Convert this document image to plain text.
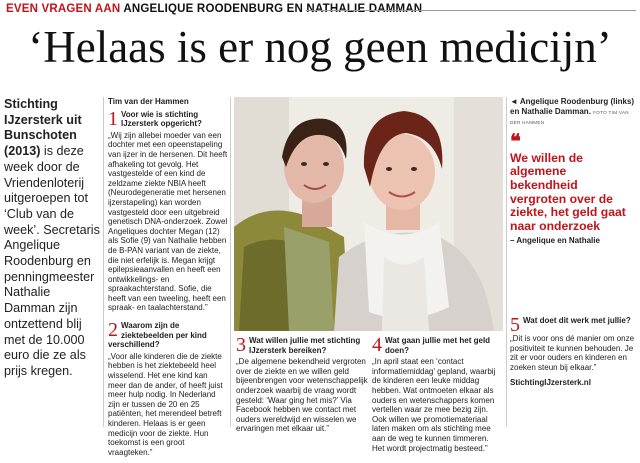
EVEN VRAGEN AAN ANGELIQUE ROODENBURG EN NATHALIE DAMMAN
‘Helaas is er nog geen medicijn’
Stichting IJzersterk uit Bunschoten (2013) is deze week door de Vriendenloterij uitgeroepen tot ‘Club van de week’. Secretaris Angelique Roodenburg en penningmeester Nathalie Damman zijn ontzettend blij met de 10.000 euro die ze als prijs kregen.
Tim van der Hammen
1 Voor wie is stichting IJzersterk opgericht?
„Wij zijn allebei moeder van een dochter met een opeenstapeling van ijzer in de hersenen. Dit heeft afhakeling tot gevolg. Het vastgestelde of een kind de zeldzame ziekte NBIA heeft (Neurodegeneratie met hersenen ijzerstapeling) kan worden vastgesteld door een uitgebreid genetisch DNA-onderzoek. Zowel Angeliques dochter Megan (12) als Sofie (9) van Nathalie hebben de B-PAN variant van de ziekte, die niet erfelijk is. Megan krijgt epilepsieaanvallen en heeft een ontwikkelings- en spraakachterstand. Sofie, die heeft van een tweeling, heeft een spraak- en taalachterstand.”
2 Waarom zijn de ziektebeelden per kind verschillend?
„Voor alle kinderen die de ziekte hebben is het ziektebeeld heel wisselend. Het ene kind kan meer dan de ander, of heeft juist meer hulp nodig. In Nederland zijn er tussen de 20 en 25 patiënten, het merendeel betreft kinderen. Helaas is er geen medicijn voor de ziekte. Hun toekomst is een groot vraagteken.”
3 Wat willen jullie met stichting IJzersterk bereiken?
„De algemene bekendheid vergroten over de ziekte en we willen geld bijeenbrengen voor wetenschappelijk onderzoek waarbij de vraag wordt gesteld: ‘Waar ging het mis?’ Via Facebook hebben we contact met ouders wereldwijd en wisselen we ervaringen met elkaar uit.”
4 Wat gaan jullie met het geld doen?
„In april staat een ‘contact informatiemiddag’ gepland, waarbij de kinderen een leuke middag hebben. Wat ontmoeten elkaar als ouders en wetenschappers komen vertellen waar ze mee bezig zijn. Ook willen we promotiemateriaal laten maken om als stichting mee aan de weg te kunnen timmeren. Het wordt projectmatig besteed.”
◄ Angelique Roodenburg (links) en Nathalie Damman. FOTO TIM VAN DER HAMMEN
❝
We willen de algemene bekendheid vergroten over de ziekte, het geld gaat naar onderzoek
– Angelique en Nathalie
5 Wat doet dit werk met jullie?
„Dit is voor ons dé manier om onze positiviteit te kunnen behouden. Je zit er voor ouders en kinderen en zoeken steun bij elkaar.”
StichtingIJzersterk.nl
